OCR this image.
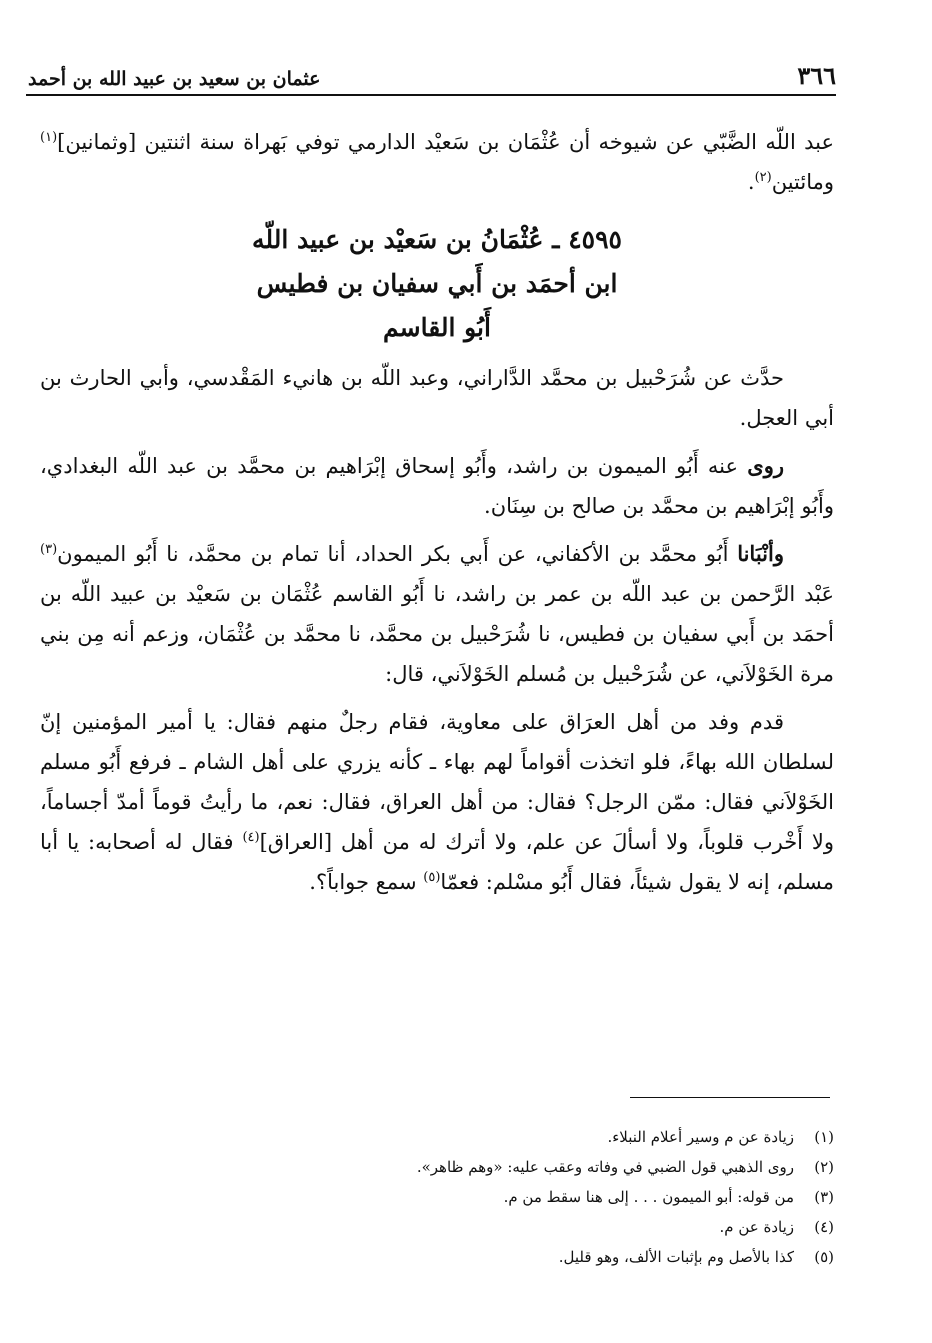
٣٦٦
عثمان بن سعيد بن عبيد الله بن أحمد

عبد اللّه الضَّبّي عن شيوخه أن عُثْمَان بن سَعيْد الدارمي توفي بَهراة سنة اثنتين [وثمانين]$^{(١)}$ ومائتين$^{(٢)}$.

٤٥٩٥ ـ عُثْمَانُ بن سَعيْد بن عبيد اللّه
ابن أحمَد بن أَبي سفيان بن فطيس
أَبُو القاسم

حدَّث عن شُرَحْبيل بن محمَّد الدَّاراني، وعبد اللّه بن هانيء المَقْدسي، وأبي الحارث بن أبي العجل.

روى عنه أَبُو الميمون بن راشد، وأَبُو إسحاق إبْرَاهيم بن محمَّد بن عبد اللّه البغدادي، وأَبُو إبْرَاهيم بن محمَّد بن صالح بن سِنَان.

وأنْبَانا أَبُو محمَّد بن الأكفاني، عن أَبي بكر الحداد، أنا تمام بن محمَّد، نا أَبُو الميمون$^{(٣)}$ عَبْد الرَّحمن بن عبد اللّه بن عمر بن راشد، نا أَبُو القاسم عُثْمَان بن سَعيْد بن عبيد اللّه بن أحمَد بن أَبي سفيان بن فطيس، نا شُرَحْبيل بن محمَّد، نا محمَّد بن عُثْمَان، وزعم أنه مِن بني مرة الخَوْلاَني، عن شُرَحْبيل بن مُسلم الخَوْلاَني، قال:

قدم وفد من أهل العرَاق على معاوية، فقام رجلٌ منهم فقال: يا أمير المؤمنين إنّ لسلطان الله بهاءً، فلو اتخذت أقواماً لهم بهاء ـ كأنه يزري على أهل الشام ـ فرفع أَبُو مسلم الخَوْلاَني فقال: ممّن الرجل؟ فقال: من أهل العراق، فقال: نعم، ما رأيتُ قوماً أمدّ أجساماً، ولا أَخْرب قلوباً، ولا أسألَ عن علم، ولا أترك له من أهل [العراق]$^{(٤)}$ فقال له أصحابه: يا أبا مسلم، إنه لا يقول شيئاً، فقال أَبُو مسْلم: فعمّا$^{(٥)}$ سمع جواباً؟.

(١)
زيادة عن م وسير أعلام النبلاء.
(٢)
روى الذهبي قول الضبي في وفاته وعقب عليه: «وهم ظاهر».
(٣)
من قوله: أبو الميمون . . . إلى هنا سقط من م.
(٤)
زيادة عن م.
(٥)
كذا بالأصل وم بإثبات الألف، وهو قليل.
